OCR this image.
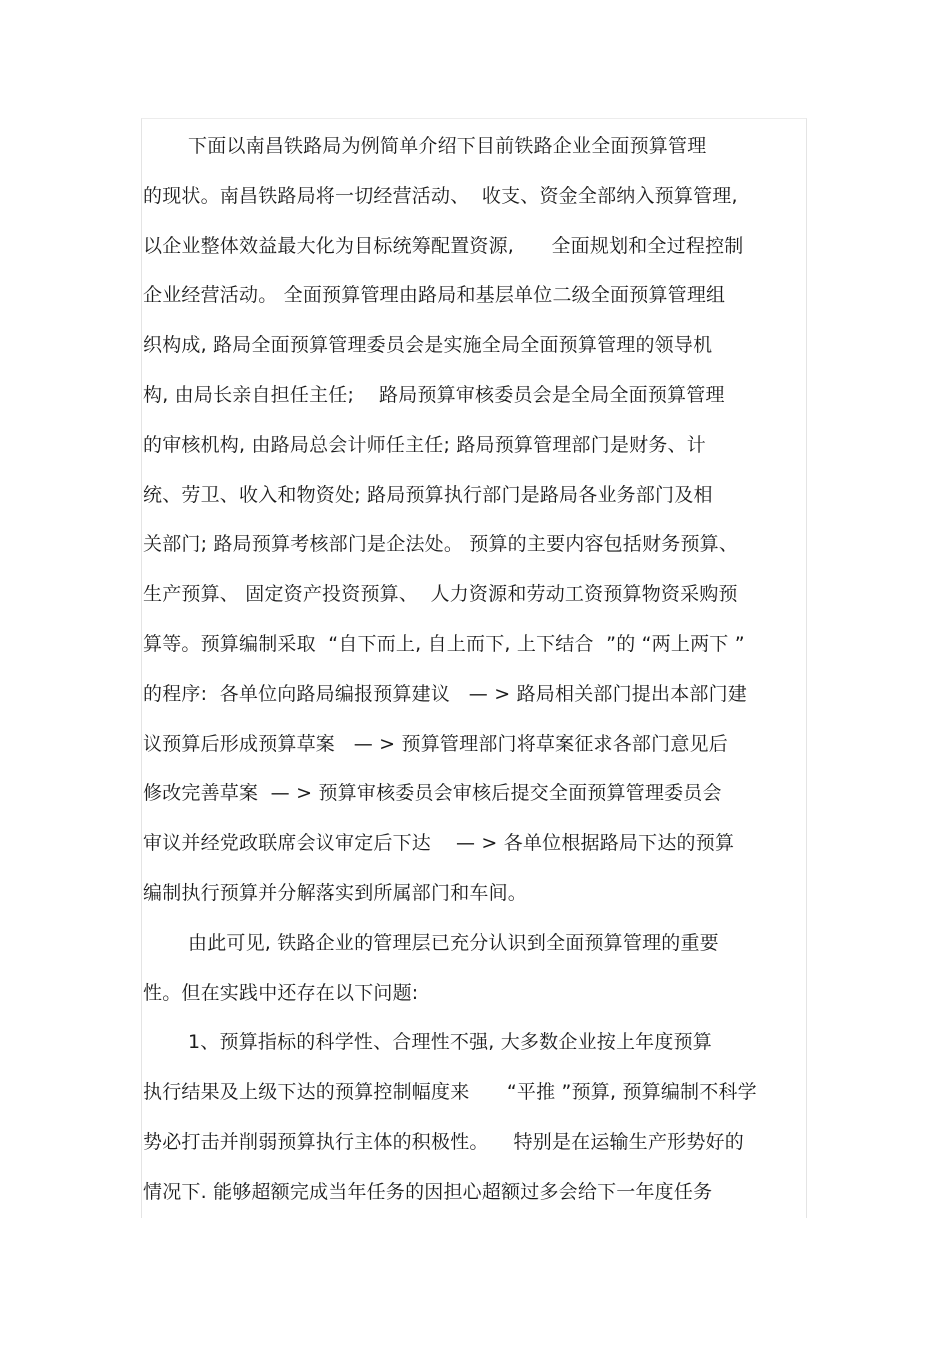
下面以南昌铁路局为例简单介绍下目前铁路企业全面预算管理
的现状。南昌铁路局将一切经营活动、  收支、资金全部纳入预算管理,
以企业整体效益最大化为目标统筹配置资源,      全面规划和全过程控制
企业经营活动。 全面预算管理由路局和基层单位二级全面预算管理组
织构成, 路局全面预算管理委员会是实施全局全面预算管理的领导机
构, 由局长亲自担任主任;    路局预算审核委员会是全局全面预算管理
的审核机构, 由路局总会计师任主任; 路局预算管理部门是财务、计
统、劳卫、收入和物资处; 路局预算执行部门是路局各业务部门及相
关部门; 路局预算考核部门是企法处。 预算的主要内容包括财务预算、
生产预算、 固定资产投资预算、  人力资源和劳动工资预算物资采购预
算等。预算编制采取  “自下而上, 自上而下, 上下结合  ”的 “两上两下 ”
的程序:  各单位向路局编报预算建议   — > 路局相关部门提出本部门建
议预算后形成预算草案   — > 预算管理部门将草案征求各部门意见后
修改完善草案  — > 预算审核委员会审核后提交全面预算管理委员会
审议并经党政联席会议审定后下达    — > 各单位根据路局下达的预算
编制执行预算并分解落实到所属部门和车间。
由此可见, 铁路企业的管理层已充分认识到全面预算管理的重要
性。但在实践中还存在以下问题:
1、预算指标的科学性、合理性不强, 大多数企业按上年度预算
执行结果及上级下达的预算控制幅度来      “平推 ”预算, 预算编制不科学
势必打击并削弱预算执行主体的积极性。    特别是在运输生产形势好的
情况下. 能够超额完成当年任务的因担心超额过多会给下一年度任务
